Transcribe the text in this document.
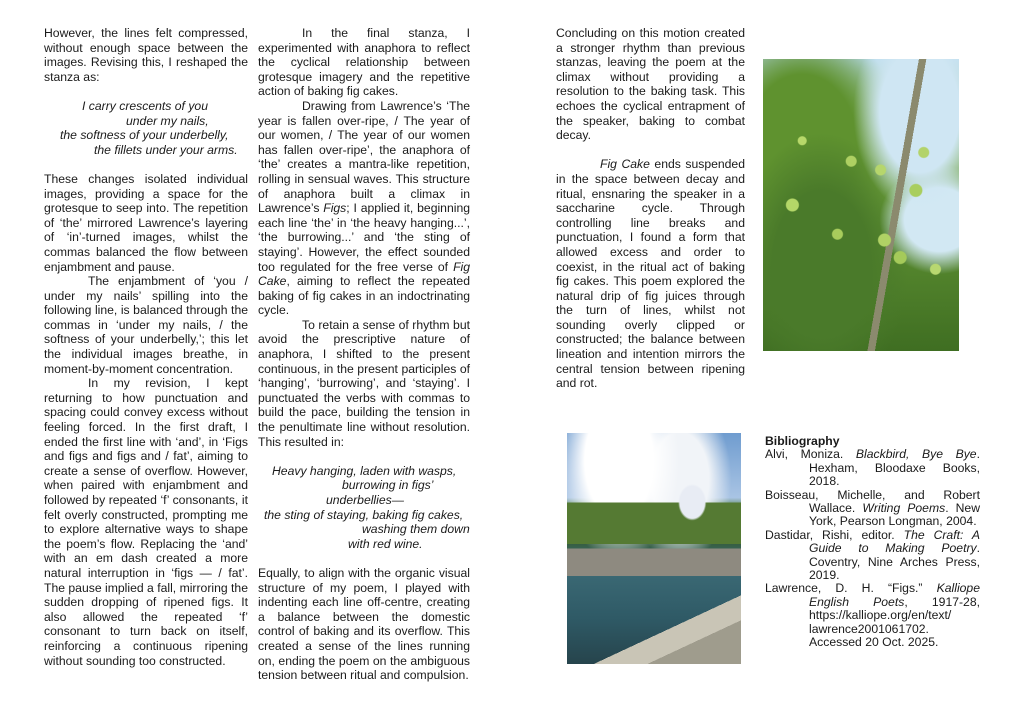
However, the lines felt compressed, without enough space between the images. Revising this, I reshaped the stanza as:

I carry crescents of you
under my nails,
the softness of your underbelly,
the fillets under your arms.

These changes isolated individual images, providing a space for the grotesque to seep into. The repetition of ‘the’ mirrored Lawrence’s layering of ‘in’-turned images, whilst the commas balanced the flow between enjambment and pause.

The enjambment of ‘you / under my nails’ spilling into the following line, is balanced through the commas in ‘under my nails, / the softness of your underbelly,’; this let the individual images breathe, in moment-by-moment concentration.

In my revision, I kept returning to how punctuation and spacing could convey excess without feeling forced. In the first draft, I ended the first line with ‘and’, in ‘Figs and figs and figs and / fat’, aiming to create a sense of overflow. However, when paired with enjambment and followed by repeated ‘f’ consonants, it felt overly constructed, prompting me to explore alternative ways to shape the poem’s flow. Replacing the ‘and’ with an em dash created a more natural interruption in ‘figs — / fat’. The pause implied a fall, mirroring the sudden dropping of ripened figs. It also allowed the repeated ‘f’ consonant to turn back on itself, reinforcing a continuous ripening without sounding too constructed.

In the final stanza, I experimented with anaphora to reflect the cyclical relationship between grotesque imagery and the repetitive action of baking fig cakes.

Drawing from Lawrence’s ‘The year is fallen over-ripe, / The year of our women, / The year of our women has fallen over-ripe’, the anaphora of ‘the’ creates a mantra-like repetition, rolling in sensual waves. This structure of anaphora built a climax in Lawrence’s Figs; I applied it, beginning each line ‘the’ in ‘the heavy hanging...’, ‘the burrowing...’ and ‘the sting of staying’. However, the effect sounded too regulated for the free verse of Fig Cake, aiming to reflect the repeated baking of fig cakes in an indoctrinating cycle.

To retain a sense of rhythm but avoid the prescriptive nature of anaphora, I shifted to the present continuous, in the present participles of ‘hanging’, ‘burrowing’, and ‘staying’. I punctuated the verbs with commas to build the pace, building the tension in the penultimate line without resolution. This resulted in:

Heavy hanging, laden with wasps,
burrowing in figs’
underbellies—
the sting of staying, baking fig cakes,
washing them down
with red wine.

Equally, to align with the organic visual structure of my poem, I played with indenting each line off-centre, creating a balance between the domestic control of baking and its overflow. This created a sense of the lines running on, ending the poem on the ambiguous tension between ritual and compulsion.

Concluding on this motion created a stronger rhythm than previous stanzas, leaving the poem at the climax without providing a resolution to the baking task. This echoes the cyclical entrapment of the speaker, baking to combat decay.

Fig Cake ends suspended in the space between decay and ritual, ensnaring the speaker in a saccharine cycle. Through controlling line breaks and punctuation, I found a form that allowed excess and order to coexist, in the ritual act of baking fig cakes. This poem explored the natural drip of fig juices through the turn of lines, whilst not sounding overly clipped or constructed; the balance between lineation and intention mirrors the central tension between ripening and rot.

Bibliography

Alvi, Moniza. Blackbird, Bye Bye. Hexham, Bloodaxe Books, 2018.

Boisseau, Michelle, and Robert Wallace. Writing Poems. New York, Pearson Longman, 2004.

Dastidar, Rishi, editor. The Craft: A Guide to Making Poetry. Coventry, Nine Arches Press, 2019.

Lawrence, D. H. “Figs.” Kalliope English Poets, 1917-28, https://kalliope.org/en/text/ lawrence2001061702. Accessed 20 Oct. 2025.
